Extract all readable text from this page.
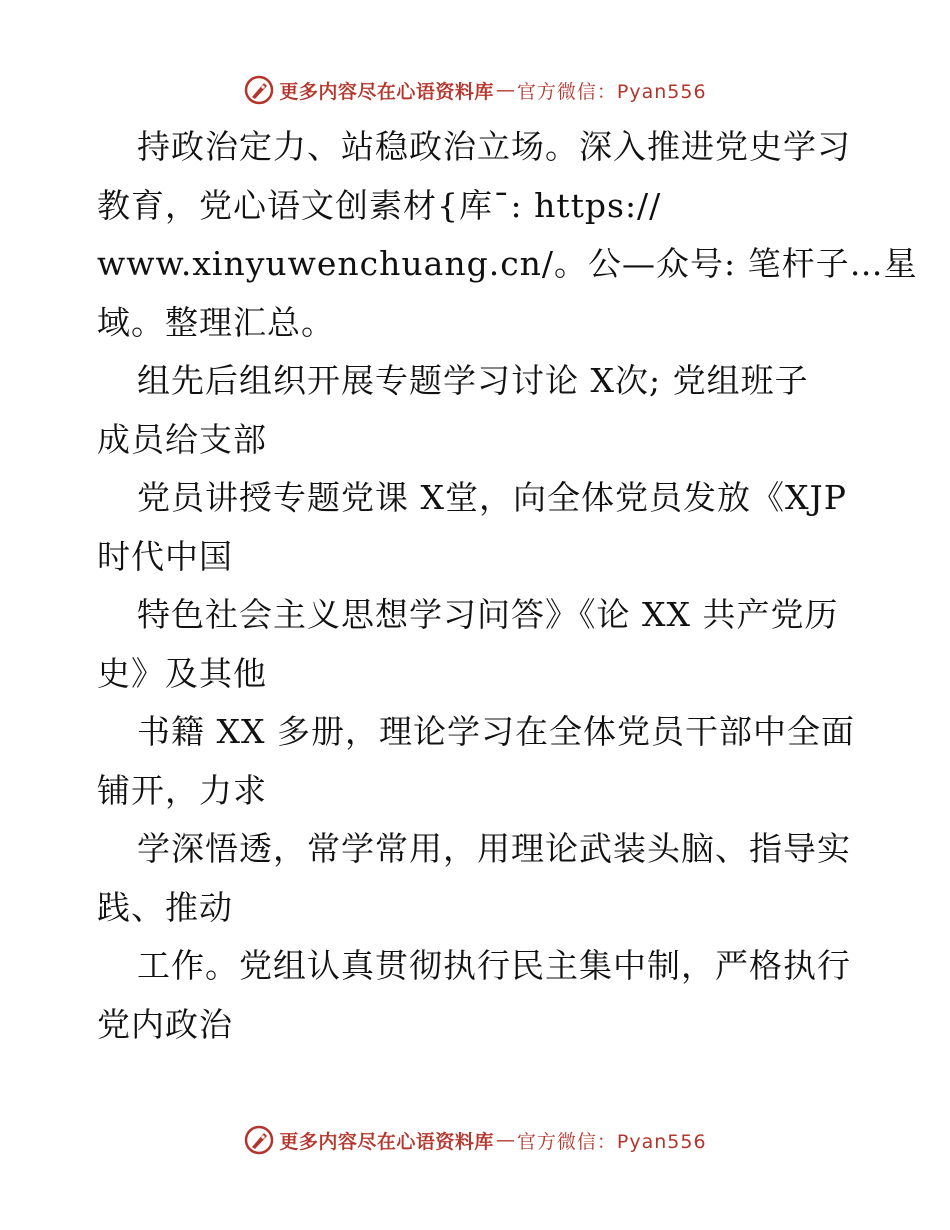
更多内容尽在心语资料库 — 官方微信：Pyan556
持政治定力、站稳政治立场。深入推进党史学习
教育，党心语文创素材{库¯: https://
www.xinyuwenchuang.cn/。公—众号: 笔杆子…星
域。整理汇总。
组先后组织开展专题学习讨论 X次; 党组班子
成员给支部
党员讲授专题党课 X堂，向全体党员发放《XJP
时代中国
特色社会主义思想学习问答》《论 XX 共产党历
史》及其他
书籍 XX 多册，理论学习在全体党员干部中全面
铺开，力求
学深悟透，常学常用，用理论武装头脑、指导实
践、推动
工作。党组认真贯彻执行民主集中制，严格执行
党内政治
更多内容尽在心语资料库 — 官方微信：Pyan556
